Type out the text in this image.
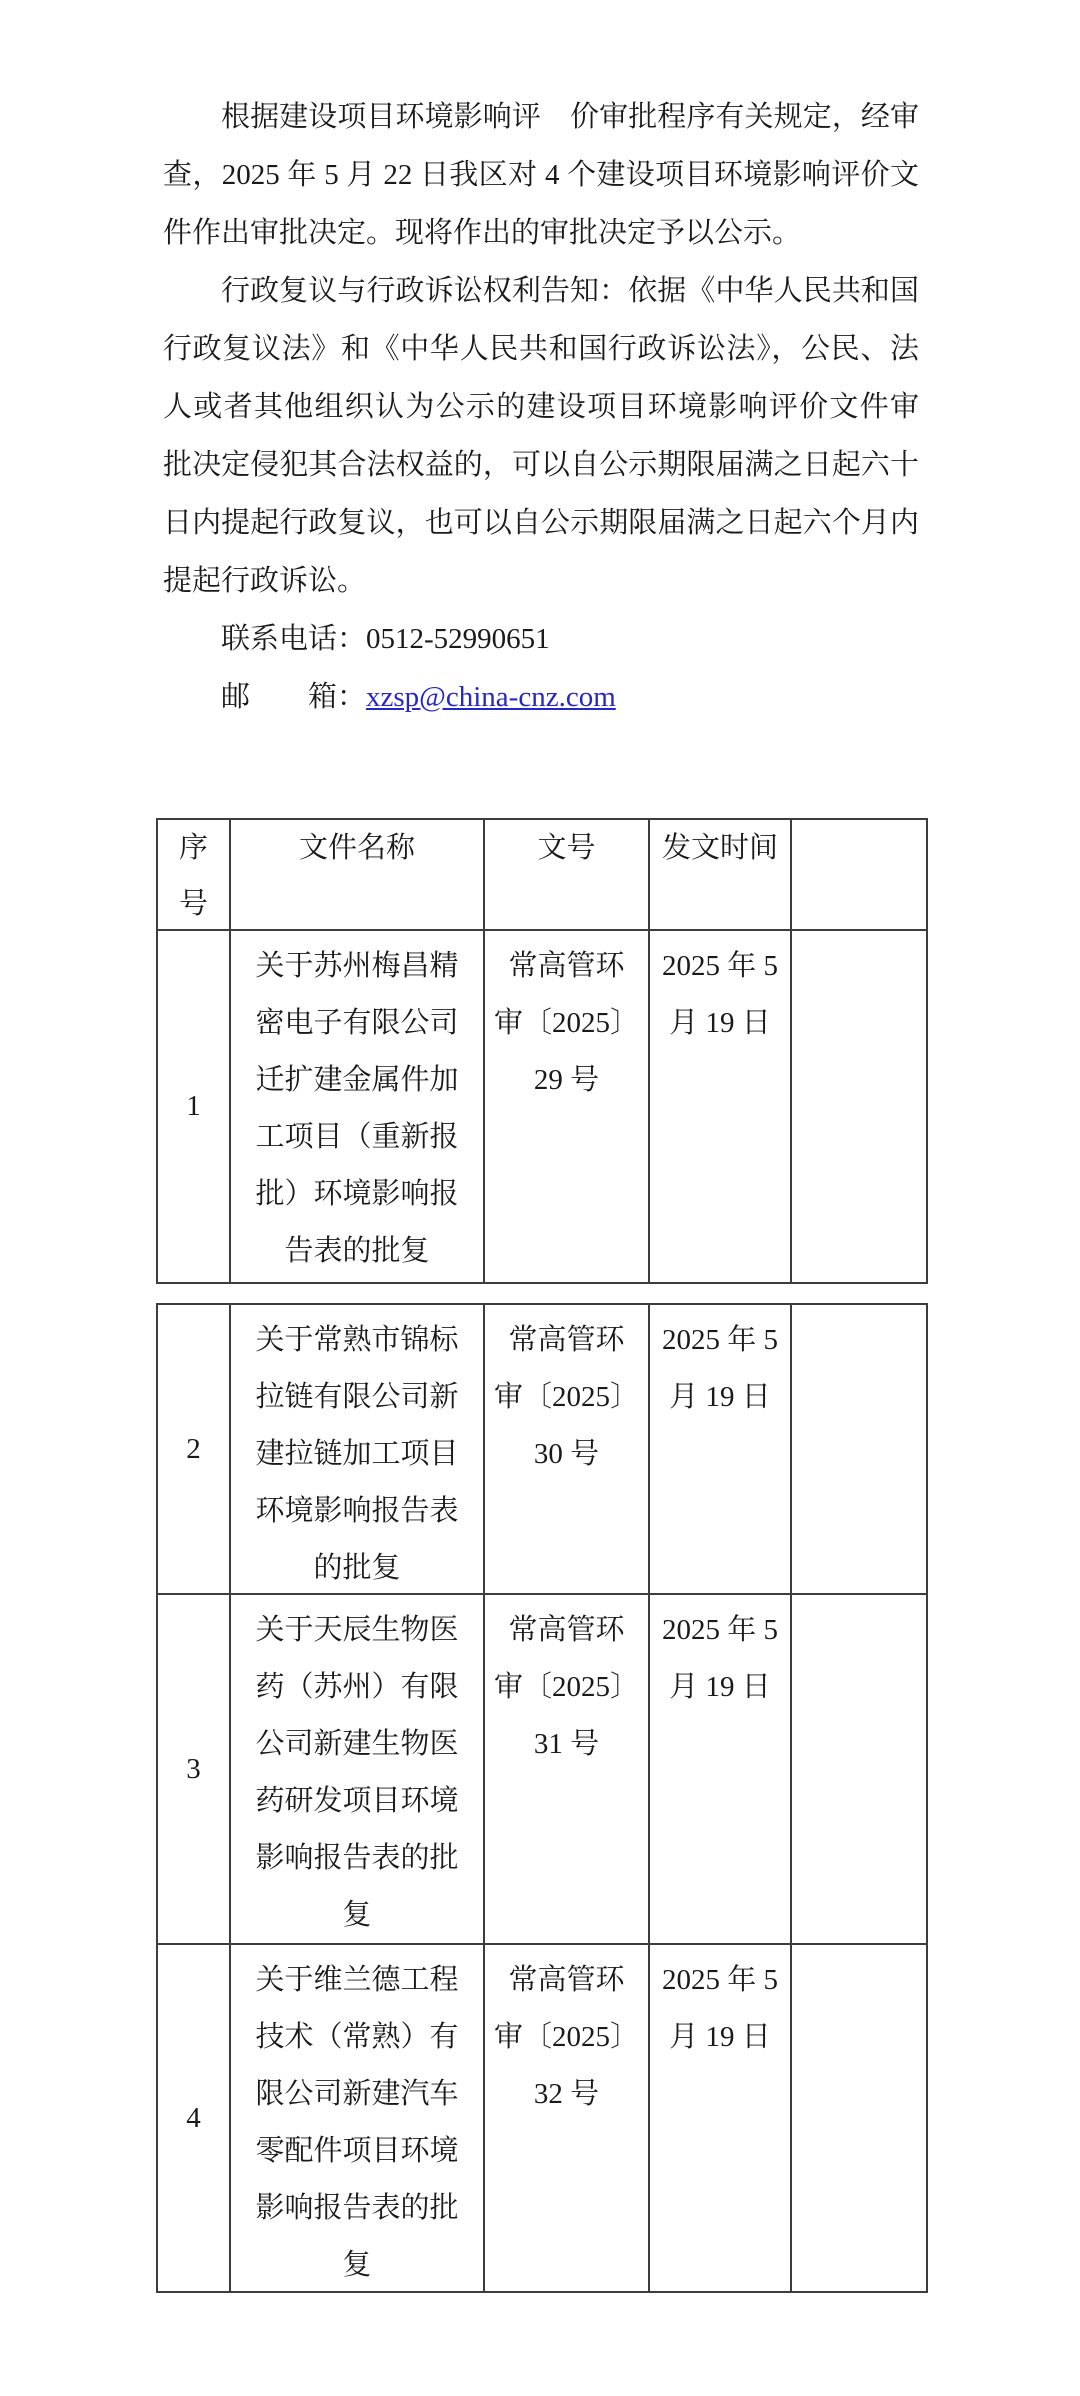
根据建设项目环境影响评　价审批程序有关规定，经审
查，2025 年 5 月 22 日我区对 4 个建设项目环境影响评价文
件作出审批决定。现将作出的审批决定予以公示。
行政复议与行政诉讼权利告知：依据《中华人民共和国
行政复议法》和《中华人民共和国行政诉讼法》，公民、法
人或者其他组织认为公示的建设项目环境影响评价文件审
批决定侵犯其合法权益的，可以自公示期限届满之日起六十
日内提起行政复议，也可以自公示期限届满之日起六个月内
提起行政诉讼。
联系电话：0512-52990651
邮　　箱：xzsp@china-cnz.com
序
号
文件名称	文号	发文时间
1
关于苏州梅昌精
密电子有限公司
迁扩建金属件加
工项目（重新报
批）环境影响报
告表的批复
常高管环
审〔2025〕
29 号
2025 年 5
月 19 日
2
关于常熟市锦标
拉链有限公司新
建拉链加工项目
环境影响报告表
的批复
常高管环
审〔2025〕
30 号
2025 年 5
月 19 日
3
关于天辰生物医
药（苏州）有限
公司新建生物医
药研发项目环境
影响报告表的批
复
常高管环
审〔2025〕
31 号
2025 年 5
月 19 日
4
关于维兰德工程
技术（常熟）有
限公司新建汽车
零配件项目环境
影响报告表的批
复
常高管环
审〔2025〕
32 号
2025 年 5
月 19 日
